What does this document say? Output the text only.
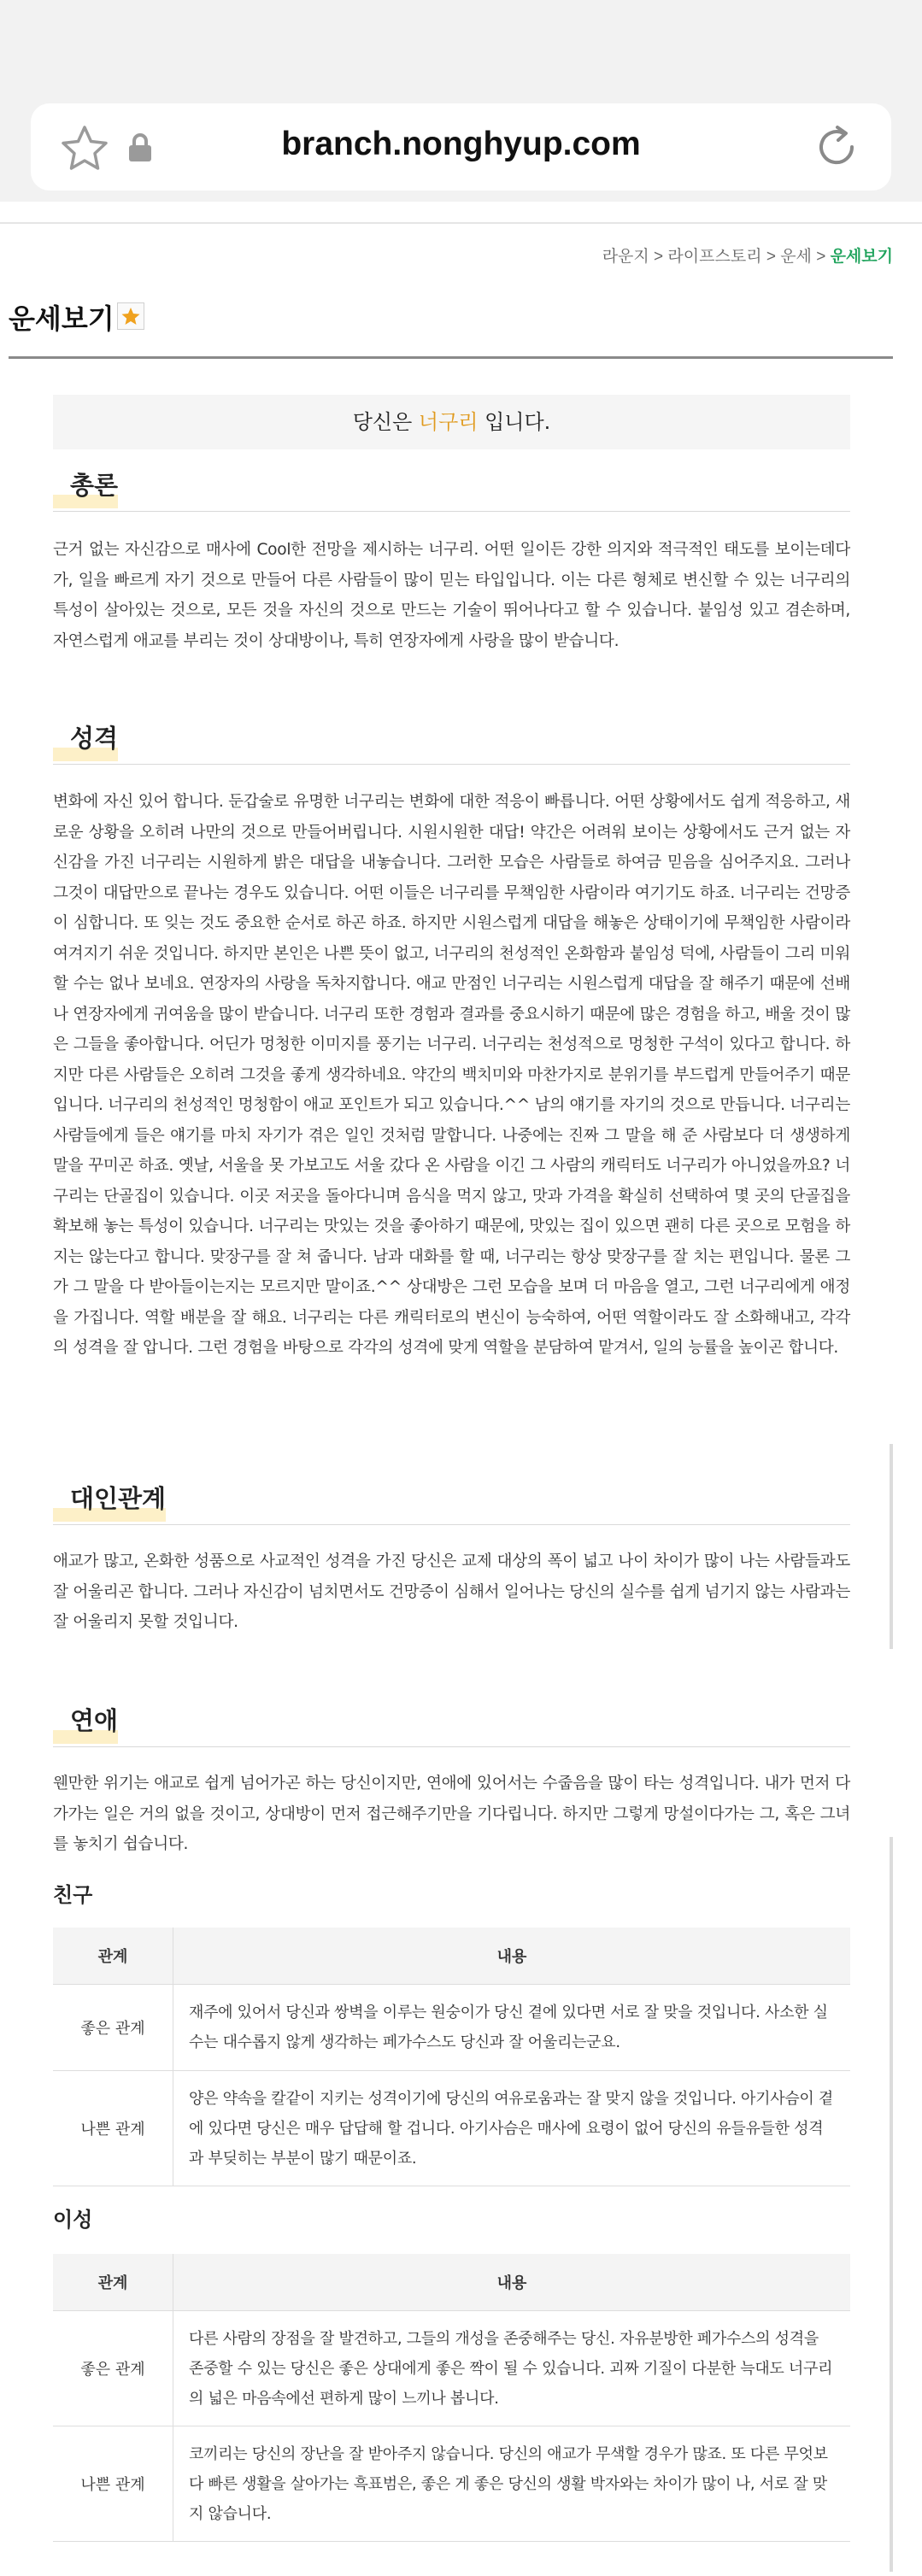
branch.nonghyup.com
라운지 > 라이프스토리 > 운세 > 운세보기
운세보기
당신은 너구리 입니다.
총론
근거 없는 자신감으로 매사에 Cool한 전망을 제시하는 너구리. 어떤 일이든 강한 의지와 적극적인 태도를 보이는데다가, 일을 빠르게 자기 것으로 만들어 다른 사람들이 많이 믿는 타입입니다. 이는 다른 형체로 변신할 수 있는 너구리의 특성이 살아있는 것으로, 모든 것을 자신의 것으로 만드는 기술이 뛰어나다고 할 수 있습니다. 붙임성 있고 겸손하며, 자연스럽게 애교를 부리는 것이 상대방이나, 특히 연장자에게 사랑을 많이 받습니다.
성격
변화에 자신 있어 합니다. 둔갑술로 유명한 너구리는 변화에 대한 적응이 빠릅니다. 어떤 상황에서도 쉽게 적응하고, 새로운 상황을 오히려 나만의 것으로 만들어버립니다. 시원시원한 대답! 약간은 어려워 보이는 상황에서도 근거 없는 자신감을 가진 너구리는 시원하게 밝은 대답을 내놓습니다. 그러한 모습은 사람들로 하여금 믿음을 심어주지요. 그러나 그것이 대답만으로 끝나는 경우도 있습니다. 어떤 이들은 너구리를 무책임한 사람이라 여기기도 하죠. 너구리는 건망증이 심합니다. 또 잊는 것도 중요한 순서로 하곤 하죠. 하지만 시원스럽게 대답을 해놓은 상태이기에 무책임한 사람이라 여겨지기 쉬운 것입니다. 하지만 본인은 나쁜 뜻이 없고, 너구리의 천성적인 온화함과 붙임성 덕에, 사람들이 그리 미워할 수는 없나 보네요. 연장자의 사랑을 독차지합니다. 애교 만점인 너구리는 시원스럽게 대답을 잘 해주기 때문에 선배나 연장자에게 귀여움을 많이 받습니다. 너구리 또한 경험과 결과를 중요시하기 때문에 많은 경험을 하고, 배울 것이 많은 그들을 좋아합니다. 어딘가 멍청한 이미지를 풍기는 너구리. 너구리는 천성적으로 멍청한 구석이 있다고 합니다. 하지만 다른 사람들은 오히려 그것을 좋게 생각하네요. 약간의 백치미와 마찬가지로 분위기를 부드럽게 만들어주기 때문입니다. 너구리의 천성적인 멍청함이 애교 포인트가 되고 있습니다.^^ 남의 얘기를 자기의 것으로 만듭니다. 너구리는 사람들에게 들은 얘기를 마치 자기가 겪은 일인 것처럼 말합니다. 나중에는 진짜 그 말을 해 준 사람보다 더 생생하게 말을 꾸미곤 하죠. 옛날, 서울을 못 가보고도 서울 갔다 온 사람을 이긴 그 사람의 캐릭터도 너구리가 아니었을까요? 너구리는 단골집이 있습니다. 이곳 저곳을 돌아다니며 음식을 먹지 않고, 맛과 가격을 확실히 선택하여 몇 곳의 단골집을 확보해 놓는 특성이 있습니다. 너구리는 맛있는 것을 좋아하기 때문에, 맛있는 집이 있으면 괜히 다른 곳으로 모험을 하지는 않는다고 합니다. 맞장구를 잘 쳐 줍니다. 남과 대화를 할 때, 너구리는 항상 맞장구를 잘 치는 편입니다. 물론 그가 그 말을 다 받아들이는지는 모르지만 말이죠.^^ 상대방은 그런 모습을 보며 더 마음을 열고, 그런 너구리에게 애정을 가집니다. 역할 배분을 잘 해요. 너구리는 다른 캐릭터로의 변신이 능숙하여, 어떤 역할이라도 잘 소화해내고, 각각의 성격을 잘 압니다. 그런 경험을 바탕으로 각각의 성격에 맞게 역할을 분담하여 맡겨서, 일의 능률을 높이곤 합니다.
대인관계
애교가 많고, 온화한 성품으로 사교적인 성격을 가진 당신은 교제 대상의 폭이 넓고 나이 차이가 많이 나는 사람들과도 잘 어울리곤 합니다. 그러나 자신감이 넘치면서도 건망증이 심해서 일어나는 당신의 실수를 쉽게 넘기지 않는 사람과는 잘 어울리지 못할 것입니다.
연애
웬만한 위기는 애교로 쉽게 넘어가곤 하는 당신이지만, 연애에 있어서는 수줍음을 많이 타는 성격입니다. 내가 먼저 다가가는 일은 거의 없을 것이고, 상대방이 먼저 접근해주기만을 기다립니다. 하지만 그렇게 망설이다가는 그, 혹은 그녀를 놓치기 쉽습니다.
친구
관계	내용
좋은 관계	재주에 있어서 당신과 쌍벽을 이루는 원숭이가 당신 곁에 있다면 서로 잘 맞을 것입니다. 사소한 실수는 대수롭지 않게 생각하는 페가수스도 당신과 잘 어울리는군요.
나쁜 관계	양은 약속을 칼같이 지키는 성격이기에 당신의 여유로움과는 잘 맞지 않을 것입니다. 아기사슴이 곁에 있다면 당신은 매우 답답해 할 겁니다. 아기사슴은 매사에 요령이 없어 당신의 유들유들한 성격과 부딪히는 부분이 많기 때문이죠.
이성
관계	내용
좋은 관계	다른 사람의 장점을 잘 발견하고, 그들의 개성을 존중해주는 당신. 자유분방한 페가수스의 성격을 존중할 수 있는 당신은 좋은 상대에게 좋은 짝이 될 수 있습니다. 괴짜 기질이 다분한 늑대도 너구리의 넓은 마음속에선 편하게 많이 느끼나 봅니다.
나쁜 관계	코끼리는 당신의 장난을 잘 받아주지 않습니다. 당신의 애교가 무색할 경우가 많죠. 또 다른 무엇보다 빠른 생활을 살아가는 흑표범은, 좋은 게 좋은 당신의 생활 박자와는 차이가 많이 나, 서로 잘 맞지 않습니다.
